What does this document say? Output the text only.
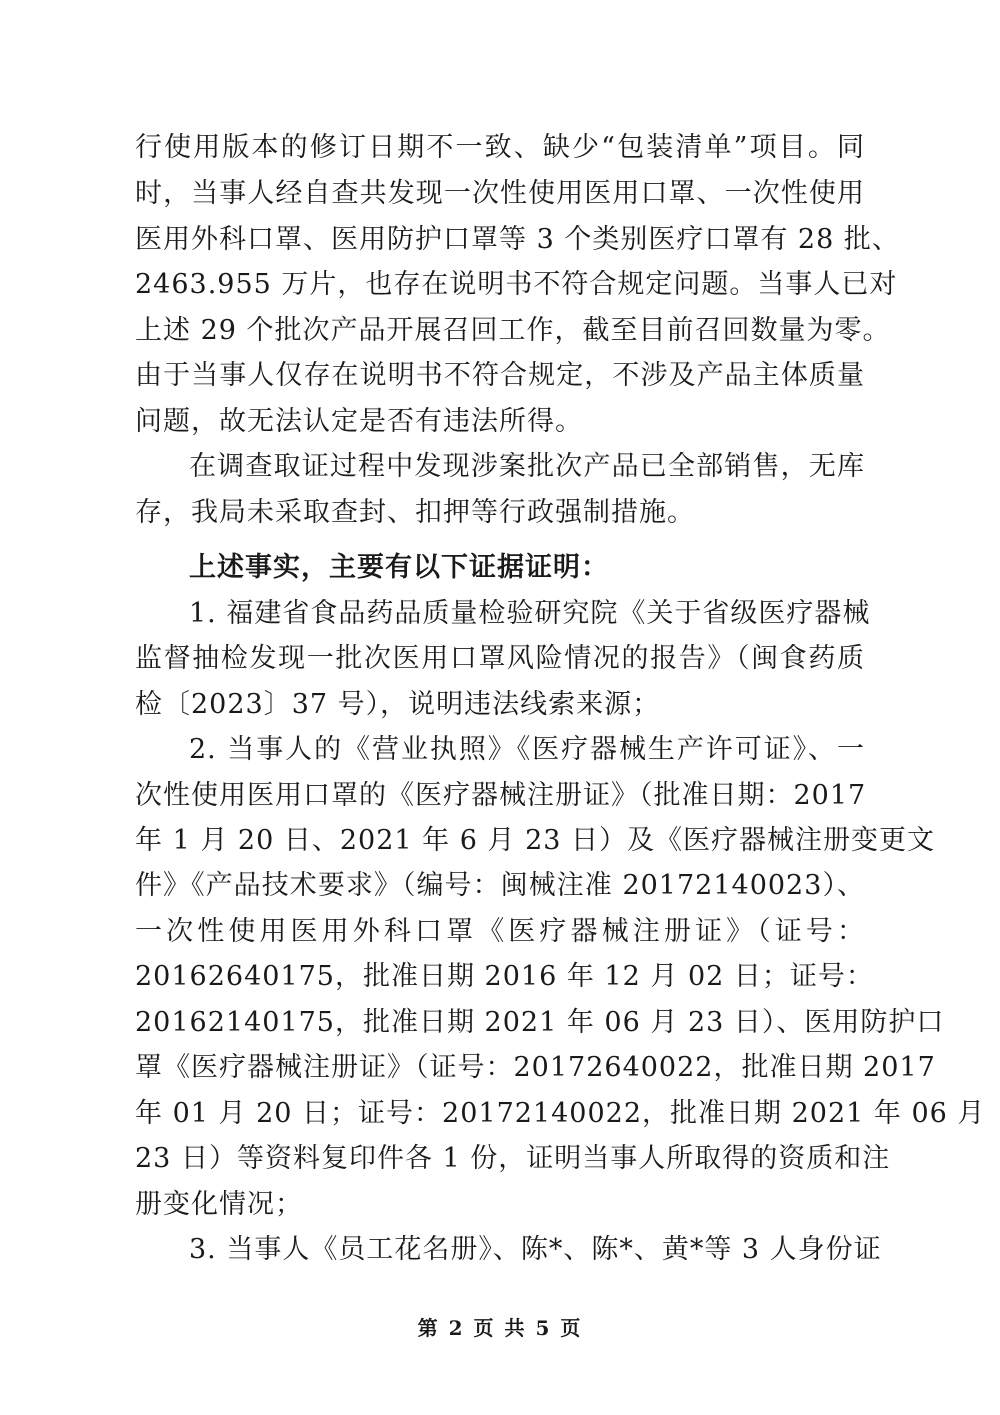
行使用版本的修订日期不一致、缺少“包装清单”项目。同
时，当事人经自查共发现一次性使用医用口罩、一次性使用
医用外科口罩、医用防护口罩等 3 个类别医疗口罩有 28 批、
2463.955 万片，也存在说明书不符合规定问题。当事人已对
上述 29 个批次产品开展召回工作，截至目前召回数量为零。
由于当事人仅存在说明书不符合规定，不涉及产品主体质量
问题，故无法认定是否有违法所得。
在调查取证过程中发现涉案批次产品已全部销售，无库
存，我局未采取查封、扣押等行政强制措施。
上述事实，主要有以下证据证明：
1. 福建省食品药品质量检验研究院《关于省级医疗器械
监督抽检发现一批次医用口罩风险情况的报告》（闽食药质
检〔2023〕37 号），说明违法线索来源；
2. 当事人的《营业执照》《医疗器械生产许可证》、一
次性使用医用口罩的《医疗器械注册证》（批准日期：2017
年 1 月 20 日、2021 年 6 月 23 日）及《医疗器械注册变更文
件》《产品技术要求》（编号：闽械注准 20172140023）、
一次性使用医用外科口罩《医疗器械注册证》（证号：
20162640175，批准日期 2016 年 12 月 02 日；证号：
20162140175，批准日期 2021 年 06 月 23 日）、医用防护口
罩《医疗器械注册证》（证号：20172640022，批准日期 2017
年 01 月 20 日；证号：20172140022，批准日期 2021 年 06 月
23 日）等资料复印件各 1 份，证明当事人所取得的资质和注
册变化情况；
3. 当事人《员工花名册》、陈*、陈*、黄*等 3 人身份证
第 2 页 共 5 页
